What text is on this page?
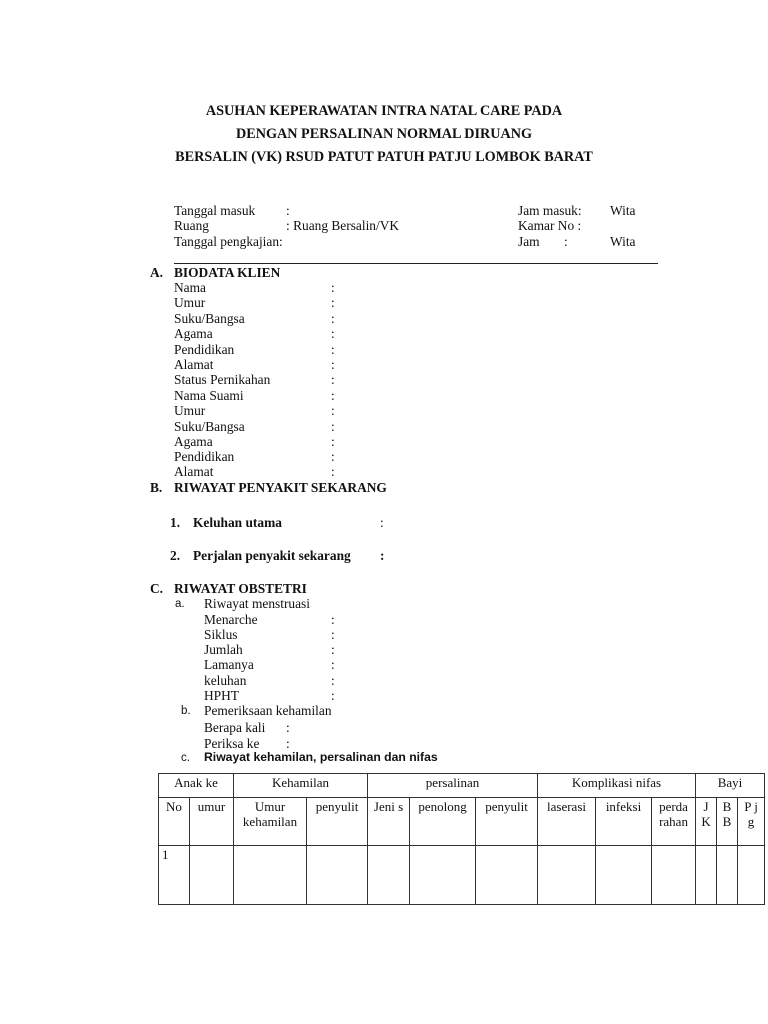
ASUHAN KEPERAWATAN INTRA NATAL CARE PADA
DENGAN PERSALINAN NORMAL DIRUANG
BERSALIN (VK) RSUD PATUT PATUH PATJU LOMBOK BARAT
Tanggal masuk :
Ruang	: Ruang Bersalin/VK
Tanggal pengkajian:
Jam masuk: Wita
Kamar No :
Jam :	Wita
A. BIODATA KLIEN
Nama	:
Umur	:
Suku/Bangsa	:
Agama	:
Pendidikan	:
Alamat	:
Status Pernikahan	:
Nama Suami	:
Umur	:
Suku/Bangsa	:
Agama	:
Pendidikan	:
Alamat	:
B. RIWAYAT PENYAKIT SEKARANG
1. Keluhan utama	:
2. Perjalan penyakit sekarang :
C. RIWAYAT OBSTETRI
a. Riwayat menstruasi
Menarche	:
Siklus	:
Jumlah	:
Lamanya	:
keluhan	:
HPHT	:
b. Pemeriksaan kehamilan
Berapa kali :
Periksa ke :
c. Riwayat kehamilan, persalinan dan nifas
Anak ke		Kehamilan		persalinan			Komplikasi nifas			Bayi		
No	umur	Umur kehamilan	penyulit	Jeni s	penolong	penyulit	laserasi	infeksi	perda rahan	J K	B B	P j g
1												
